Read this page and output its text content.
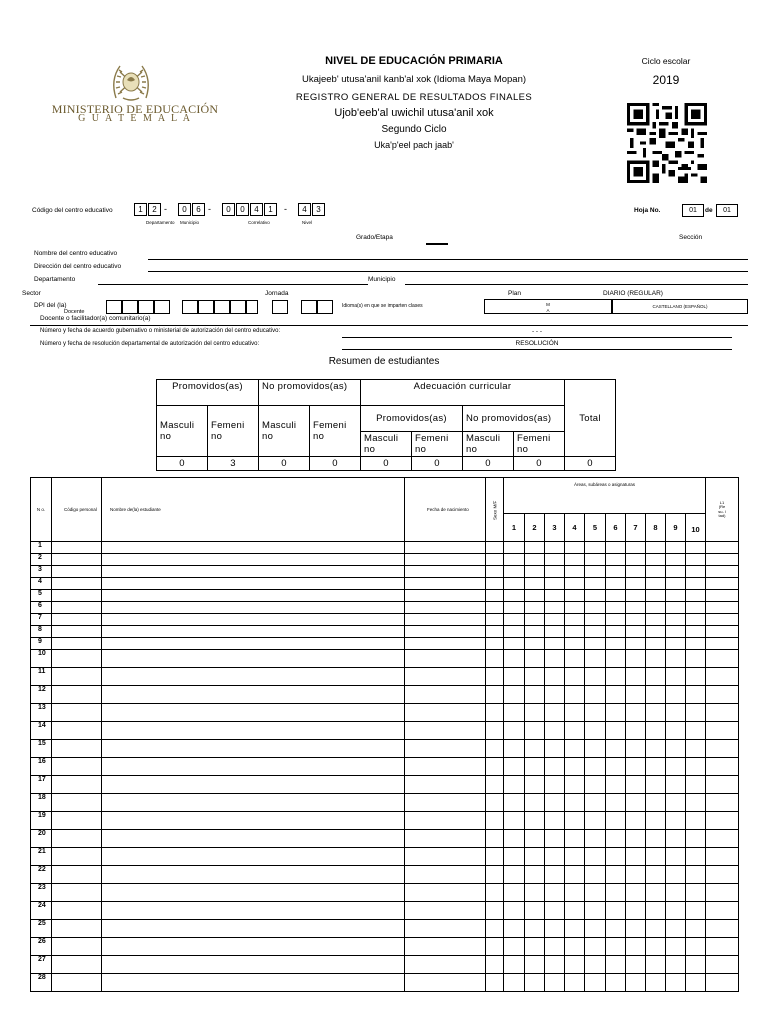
MINISTERIO DE EDUCACIÓN
G U A T E M A L A
NIVEL DE EDUCACIÓN PRIMARIA
Ukajeeb' utusa'anil kanb'al xok (Idioma Maya Mopan)
REGISTRO GENERAL DE RESULTADOS FINALES
Ujob'eeb'al uwichil utusa'anil xok
Segundo Ciclo
Uka'p'eel pach jaab'
Ciclo escolar
2019
Código del centro educativo	1	2 -	0	6 -	0	0	4	1	-	4	3
Departamento Municipio	Correlativo	Nivel
Hoja No.	01	de	01
Grado/Etapa	Sección
Nombre del centro educativo
Dirección del centro educativo
Departamento	Municipio
Sector	Jornada	Plan	DIARIO (REGULAR)
DPI del (la)
Docente
Docente o facilitador(a) comunitario(a)
Idioma(s) en que se imparten clases	M
A
CASTELLANO (ESPAÑOL)
Número y fecha de acuerdo gubernativo o ministerial de autorización del centro educativo:	- - -
Número y fecha de resolución departamental de autorización del centro educativo:	RESOLUCIÓN
Resumen de estudiantes
Promovidos(as)		No promovidos(as)		Adecuación curricular				Total
Masculi no	Femeni no	Masculi no	Femeni no	Promovidos(as)		No promovidos(as)		
				Masculi no	Femeni no	Masculi no	Femeni no	
0	3	0	0	0	0	0	0	0
N o.	Código personal	Nombre de(la) estudiante	Fecha de nacimiento	Sexo M/F	Áreas, subáreas o asignaturas										L1 (Resu- ltad)
					1	2	3	4	5	6	7	8	9	10	
1															
2															
3															
4															
5															
6															
7															
8															
9															
10															
11															
12															
13															
14															
15															
16															
17															
18															
19															
20															
21															
22															
23															
24															
25															
26															
27															
28															
